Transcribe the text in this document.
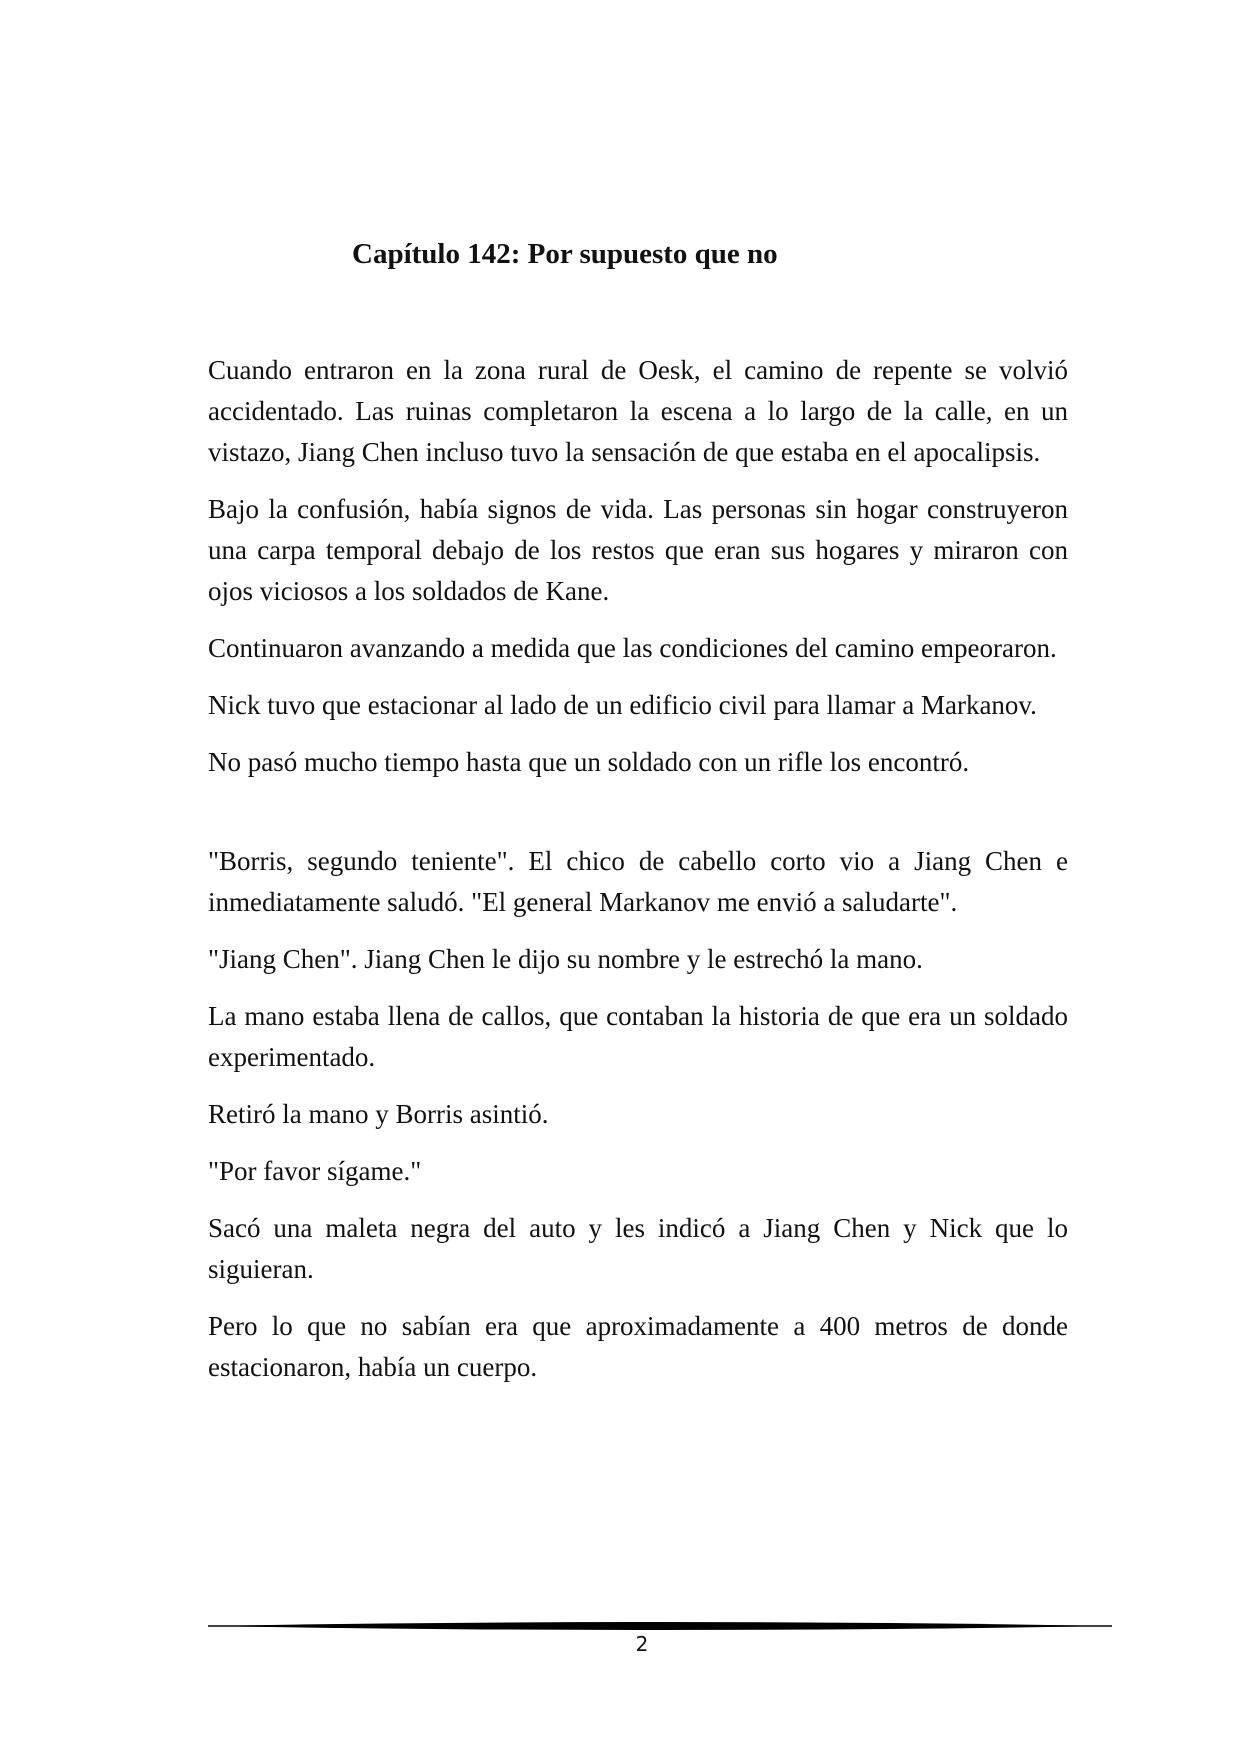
Capítulo 142: Por supuesto que no

Cuando entraron en la zona rural de Oesk, el camino de repente se volvió accidentado. Las ruinas completaron la escena a lo largo de la calle, en un vistazo, Jiang Chen incluso tuvo la sensación de que estaba en el apocalipsis.

Bajo la confusión, había signos de vida. Las personas sin hogar construyeron una carpa temporal debajo de los restos que eran sus hogares y miraron con ojos viciosos a los soldados de Kane.

Continuaron avanzando a medida que las condiciones del camino empeoraron.

Nick tuvo que estacionar al lado de un edificio civil para llamar a Markanov.

No pasó mucho tiempo hasta que un soldado con un rifle los encontró.

"Borris, segundo teniente". El chico de cabello corto vio a Jiang Chen e inmediatamente saludó. "El general Markanov me envió a saludarte".

"Jiang Chen". Jiang Chen le dijo su nombre y le estrechó la mano.

La mano estaba llena de callos, que contaban la historia de que era un soldado experimentado.

Retiró la mano y Borris asintió.

"Por favor sígame."

Sacó una maleta negra del auto y les indicó a Jiang Chen y Nick que lo siguieran.

Pero lo que no sabían era que aproximadamente a 400 metros de donde estacionaron, había un cuerpo.

2
